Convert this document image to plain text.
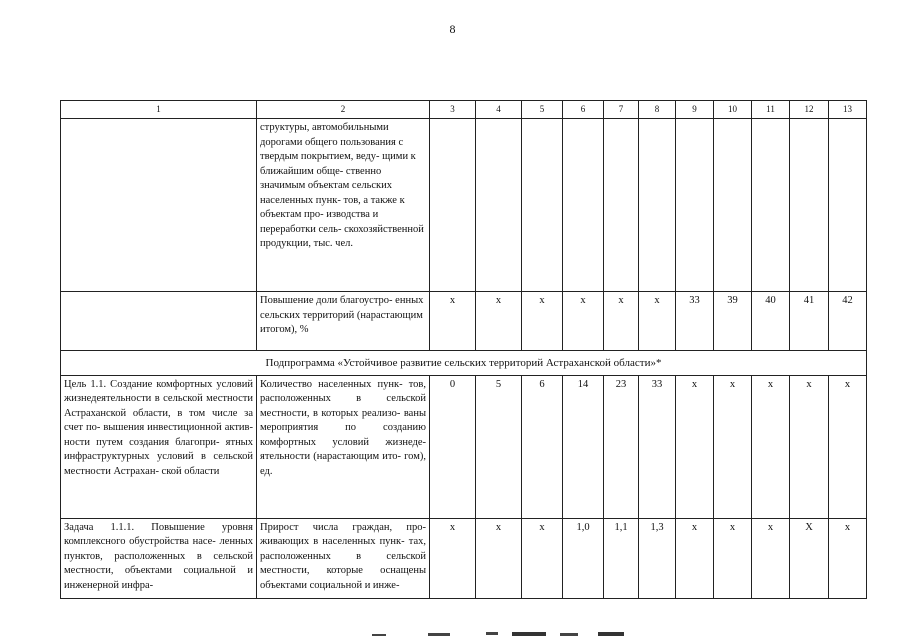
8
1	2	3	4	5	6	7	8	9	10	11	12	13
	структуры, автомобильными дорогами общего пользования с твердым покрытием, веду- щими к ближайшим обще- ственно значимым объектам сельских населенных пунк- тов, а также к объектам про- изводства и переработки сель- скохозяйственной продукции, тыс. чел.											
	Повышение доли благоустро- енных сельских территорий (нарастающим итогом), %	х	х	х	х	х	х	33	39	40	41	42
Подпрограмма «Устойчивое развитие сельских территорий Астраханской области»*												
Цель 1.1. Создание комфортных условий жизнедеятельности в сельской местности Астраханской области, в том числе за счет по- вышения инвестиционной актив- ности путем создания благопри- ятных инфраструктурных условий в сельской местности Астрахан- ской области	Количество населенных пунк- тов, расположенных в сельской местности, в которых реализо- ваны мероприятия по созданию комфортных условий жизнеде- ятельности (нарастающим ито- гом), ед.	0	5	6	14	23	33	х	х	х	х	х
Задача 1.1.1. Повышение уровня комплексного обустройства насе- ленных пунктов, расположенных в сельской местности, объектами социальной и инженерной инфра-	Прирост числа граждан, про- живающих в населенных пунк- тах, расположенных в сельской местности, которые оснащены объектами социальной и инже-	х	х	х	1,0	1,1	1,3	х	х	х	Х	х
